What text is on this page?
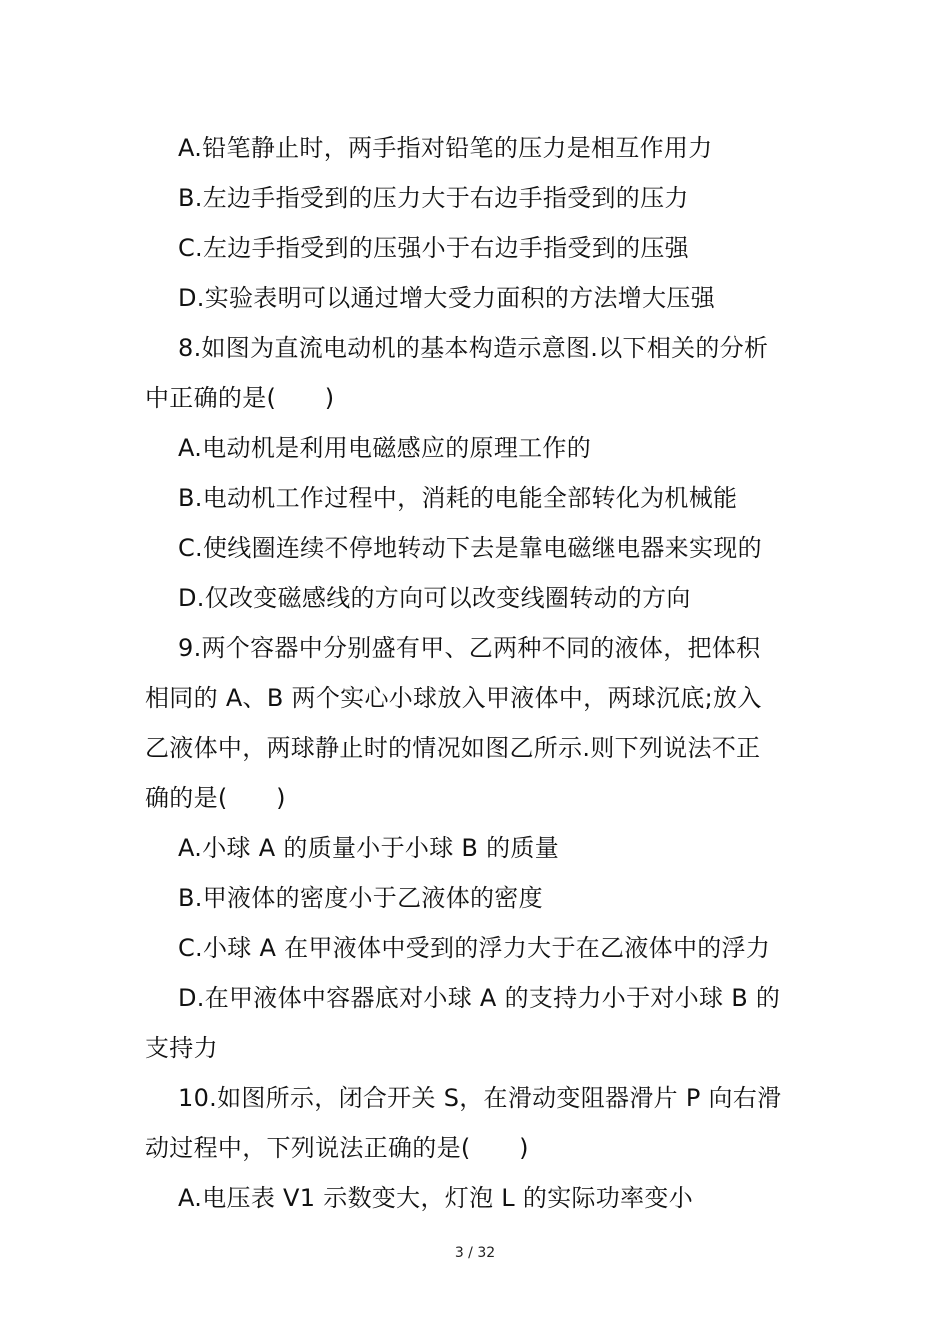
A.铅笔静止时，两手指对铅笔的压力是相互作用力
B.左边手指受到的压力大于右边手指受到的压力
C.左边手指受到的压强小于右边手指受到的压强
D.实验表明可以通过增大受力面积的方法增大压强
8.如图为直流电动机的基本构造示意图.以下相关的分析
中正确的是(　　)
A.电动机是利用电磁感应的原理工作的
B.电动机工作过程中，消耗的电能全部转化为机械能
C.使线圈连续不停地转动下去是靠电磁继电器来实现的
D.仅改变磁感线的方向可以改变线圈转动的方向
9.两个容器中分别盛有甲、乙两种不同的液体，把体积
相同的 A、B 两个实心小球放入甲液体中，两球沉底;放入
乙液体中，两球静止时的情况如图乙所示.则下列说法不正
确的是(　　)
A.小球 A 的质量小于小球 B 的质量
B.甲液体的密度小于乙液体的密度
C.小球 A 在甲液体中受到的浮力大于在乙液体中的浮力
D.在甲液体中容器底对小球 A 的支持力小于对小球 B 的
支持力
10.如图所示，闭合开关 S，在滑动变阻器滑片 P 向右滑
动过程中，下列说法正确的是(　　)
A.电压表 V1 示数变大，灯泡 L 的实际功率变小
3 / 32
